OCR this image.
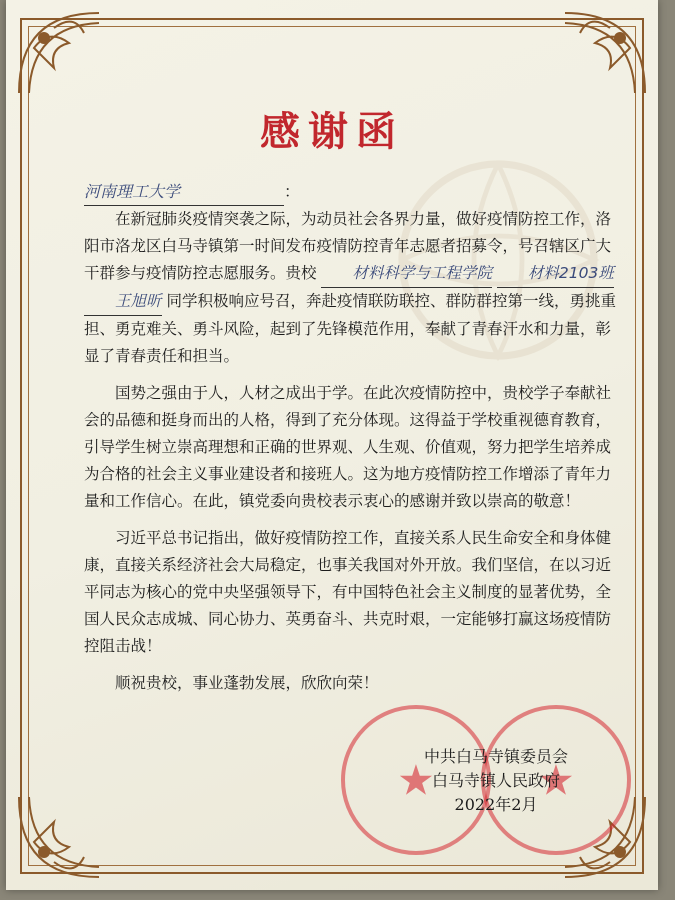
感谢函
河南理工大学	：

在新冠肺炎疫情突袭之际，为动员社会各界力量，做好疫情防控工作，洛阳市洛龙区白马寺镇第一时间发布疫情防控青年志愿者招募令，号召辖区广大干群参与疫情防控志愿服务。贵校 材料科学与工程学院 材料2103班 王旭昕 同学积极响应号召，奔赴疫情联防联控、群防群控第一线，勇挑重担、勇克难关、勇斗风险，起到了先锋模范作用，奉献了青春汗水和力量，彰显了青春责任和担当。

国势之强由于人，人材之成出于学。在此次疫情防控中，贵校学子奉献社会的品德和挺身而出的人格，得到了充分体现。这得益于学校重视德育教育，引导学生树立崇高理想和正确的世界观、人生观、价值观，努力把学生培养成为合格的社会主义事业建设者和接班人。这为地方疫情防控工作增添了青年力量和工作信心。在此，镇党委向贵校表示衷心的感谢并致以崇高的敬意！

习近平总书记指出，做好疫情防控工作，直接关系人民生命安全和身体健康，直接关系经济社会大局稳定，也事关我国对外开放。我们坚信，在以习近平同志为核心的党中央坚强领导下，有中国特色社会主义制度的显著优势，全国人民众志成城、同心协力、英勇奋斗、共克时艰，一定能够打赢这场疫情防控阻击战！

顺祝贵校，事业蓬勃发展，欣欣向荣！

★ ★
中共白马寺镇委员会
白马寺镇人民政府
2022年2月
